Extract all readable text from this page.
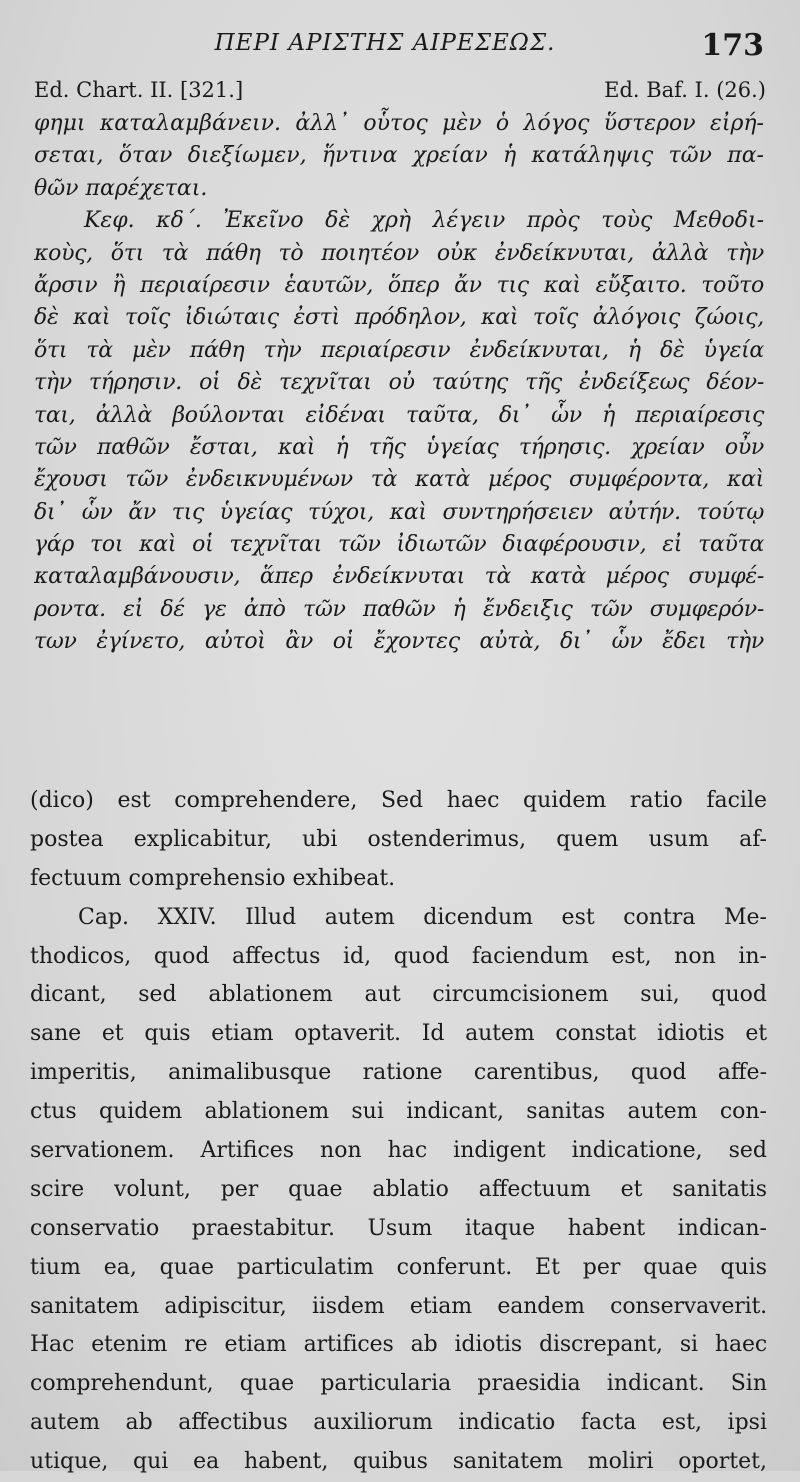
ΠΕΡΙ ΑΡΙΣΤΗΣ ΑΙΡΕΣΕΩΣ.	173
Ed. Chart. II. [321.]	Ed. Baf. I. (26.)
φημι καταλαμβάνειν. ἀλλ᾽ οὗτος μὲν ὁ λόγος ὕστερον εἰρή-
σεται, ὅταν διεξίωμεν, ἥντινα χρείαν ἡ κατάληψις τῶν πα-
θῶν παρέχεται.
Κεφ. κδ΄. Ἐκεῖνο δὲ χρὴ λέγειν πρὸς τοὺς Μεθοδι-
κοὺς, ὅτι τὰ πάθη τὸ ποιητέον οὐκ ἐνδείκνυται, ἀλλὰ τὴν
ἄρσιν ἢ περιαίρεσιν ἑαυτῶν, ὅπερ ἄν τις καὶ εὔξαιτο. τοῦτο
δὲ καὶ τοῖς ἰδιώταις ἐστὶ πρόδηλον, καὶ τοῖς ἀλόγοις ζώοις,
ὅτι τὰ μὲν πάθη τὴν περιαίρεσιν ἐνδείκνυται, ἡ δὲ ὑγεία
τὴν τήρησιν. οἱ δὲ τεχνῖται οὐ ταύτης τῆς ἐνδείξεως δέον-
ται, ἀλλὰ βούλονται εἰδέναι ταῦτα, δι᾽ ὧν ἡ περιαίρεσις
τῶν παθῶν ἔσται, καὶ ἡ τῆς ὑγείας τήρησις. χρείαν οὖν
ἔχουσι τῶν ἐνδεικνυμένων τὰ κατὰ μέρος συμφέροντα, καὶ
δι᾽ ὧν ἄν τις ὑγείας τύχοι, καὶ συντηρήσειεν αὐτήν. τούτῳ
γάρ τοι καὶ οἱ τεχνῖται τῶν ἰδιωτῶν διαφέρουσιν, εἰ ταῦτα
καταλαμβάνουσιν, ἅπερ ἐνδείκνυται τὰ κατὰ μέρος συμφέ-
ροντα. εἰ δέ γε ἀπὸ τῶν παθῶν ἡ ἔνδειξις τῶν συμφερόν-
των ἐγίνετο, αὐτοὶ ἂν οἱ ἔχοντες αὐτὰ, δι᾽ ὧν ἔδει τὴν
(dico) est comprehendere, Sed haec quidem ratio facile
postea explicabitur, ubi ostenderimus, quem usum af-
fectuum comprehensio exhibeat.
Cap. XXIV. Illud autem dicendum est contra Me-
thodicos, quod affectus id, quod faciendum est, non in-
dicant, sed ablationem aut circumcisionem sui, quod
sane et quis etiam optaverit. Id autem constat idiotis et
imperitis, animalibusque ratione carentibus, quod affe-
ctus quidem ablationem sui indicant, sanitas autem con-
servationem. Artifices non hac indigent indicatione, sed
scire volunt, per quae ablatio affectuum et sanitatis
conservatio praestabitur. Usum itaque habent indican-
tium ea, quae particulatim conferunt. Et per quae quis
sanitatem adipiscitur, iisdem etiam eandem conservaverit.
Hac etenim re etiam artifices ab idiotis discrepant, si haec
comprehendunt, quae particularia praesidia indicant. Sin
autem ab affectibus auxiliorum indicatio facta est, ipsi
utique, qui ea habent, quibus sanitatem moliri oportet,
